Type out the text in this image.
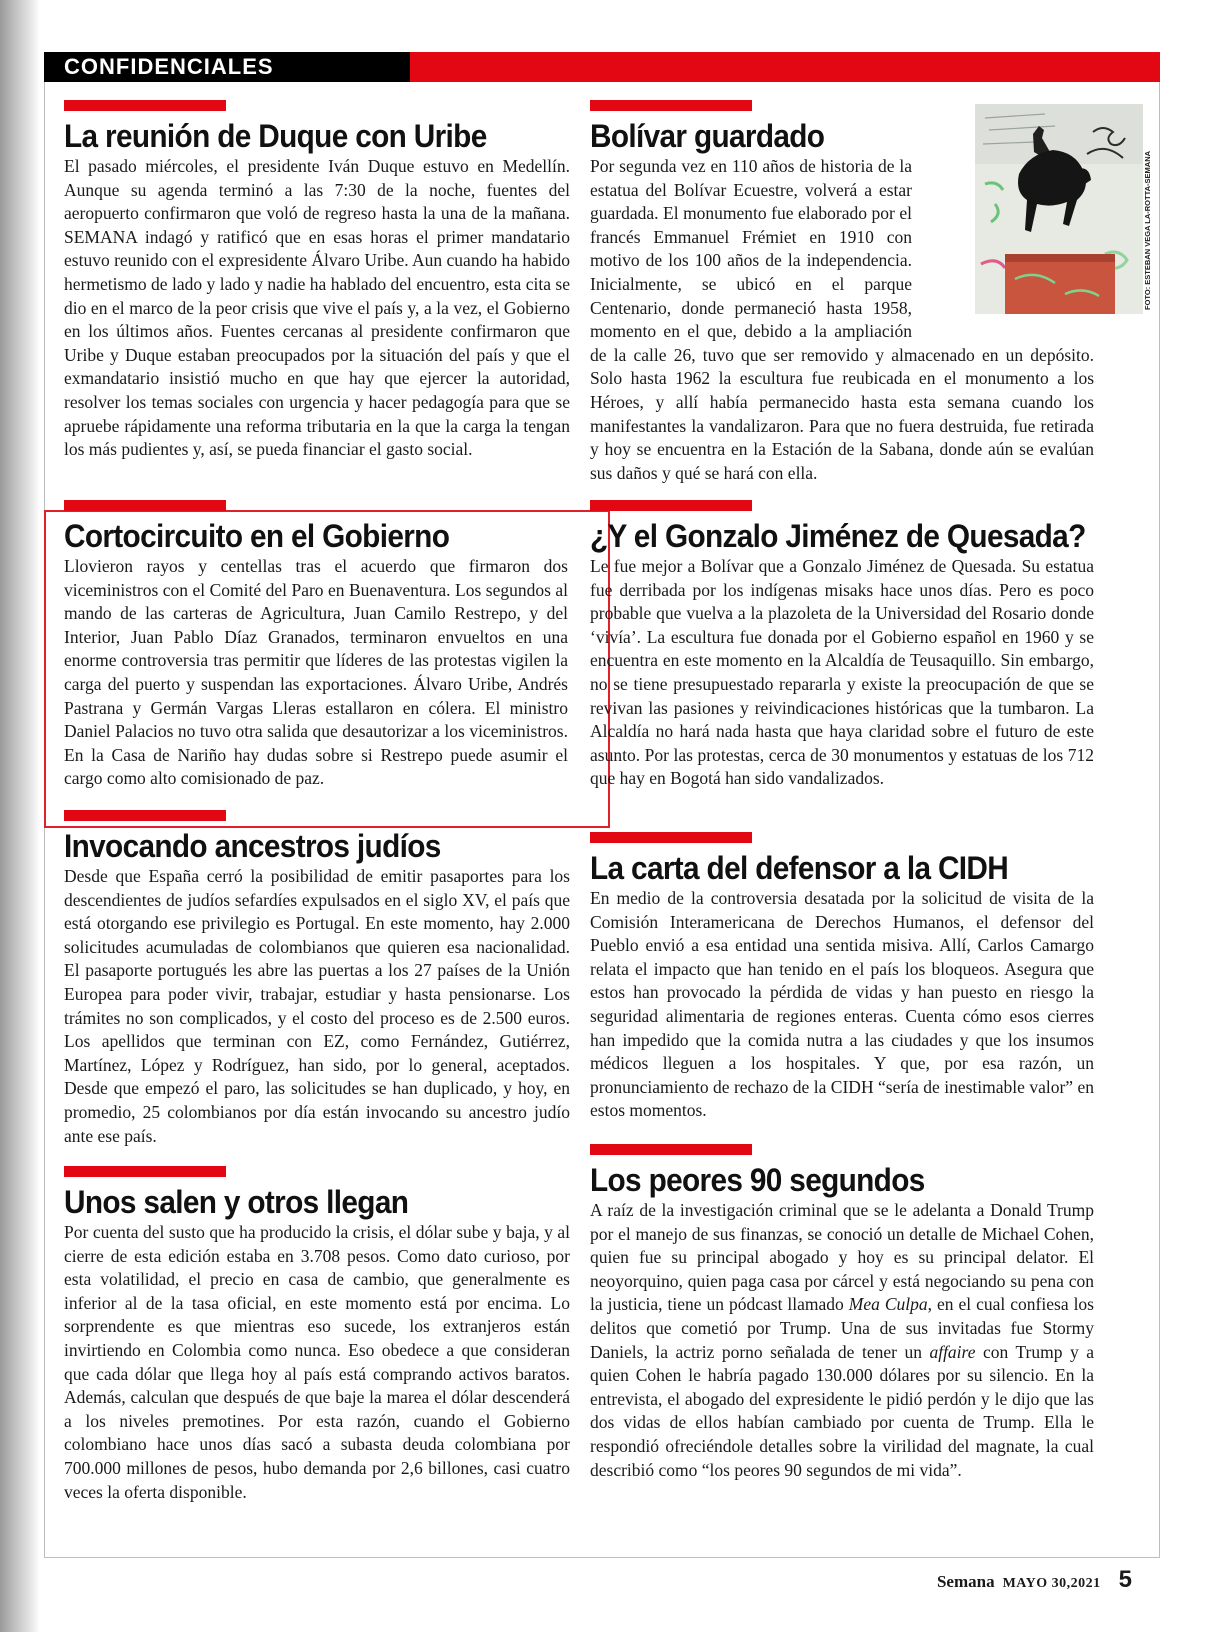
CONFIDENCIALES
La reunión de Duque con Uribe

El pasado miércoles, el presidente Iván Duque estuvo en Medellín. Aunque su agenda terminó a las 7:30 de la noche, fuentes del aeropuerto confirmaron que voló de regreso hasta la una de la mañana. SEMANA indagó y ratificó que en esas horas el primer mandatario estuvo reunido con el expresidente Álvaro Uribe. Aun cuando ha habido hermetismo de lado y lado y nadie ha hablado del encuentro, esta cita se dio en el marco de la peor crisis que vive el país y, a la vez, el Gobierno en los últimos años. Fuentes cercanas al presidente confirmaron que Uribe y Duque estaban preocupados por la situación del país y que el exmandatario insistió mucho en que hay que ejercer la autoridad, resolver los temas sociales con urgencia y hacer pedagogía para que se apruebe rápidamente una reforma tributaria en la que la carga la tengan los más pudientes y, así, se pueda financiar el gasto social.

Bolívar guardado

Por segunda vez en 110 años de historia de la estatua del Bolívar Ecuestre, volverá a estar guardada. El monumento fue elaborado por el francés Emmanuel Frémiet en 1910 con motivo de los 100 años de la independencia. Inicialmente, se ubicó en el parque Centenario, donde permaneció hasta 1958, momento en el que, debido a la ampliación de la calle 26, tuvo que ser removido y almacenado en un depósito. Solo hasta 1962 la escultura fue reubicada en el monumento a los Héroes, y allí había permanecido hasta esta semana cuando los manifestantes la vandalizaron. Para que no fuera destruida, fue retirada y hoy se encuentra en la Estación de la Sabana, donde aún se evalúan sus daños y qué se hará con ella.

FOTO: ESTEBAN VEGA LA-ROTTA-SEMANA
Cortocircuito en el Gobierno

Llovieron rayos y centellas tras el acuerdo que firmaron dos viceministros con el Comité del Paro en Buenaventura. Los segundos al mando de las carteras de Agricultura, Juan Camilo Restrepo, y del Interior, Juan Pablo Díaz Granados, terminaron envueltos en una enorme controversia tras permitir que líderes de las protestas vigilen la carga del puerto y suspendan las exportaciones. Álvaro Uribe, Andrés Pastrana y Germán Vargas Lleras estallaron en cólera. El ministro Daniel Palacios no tuvo otra salida que desautorizar a los viceministros. En la Casa de Nariño hay dudas sobre si Restrepo puede asumir el cargo como alto comisionado de paz.

¿Y el Gonzalo Jiménez de Quesada?

Le fue mejor a Bolívar que a Gonzalo Jiménez de Quesada. Su estatua fue derribada por los indígenas misaks hace unos días. Pero es poco probable que vuelva a la plazoleta de la Universidad del Rosario donde ‘vivía’. La escultura fue donada por el Gobierno español en 1960 y se encuentra en este momento en la Alcaldía de Teusaquillo. Sin embargo, no se tiene presupuestado repararla y existe la preocupación de que se revivan las pasiones y reivindicaciones históricas que la tumbaron. La Alcaldía no hará nada hasta que haya claridad sobre el futuro de este asunto. Por las protestas, cerca de 30 monumentos y estatuas de los 712 que hay en Bogotá han sido vandalizados.

Invocando ancestros judíos

Desde que España cerró la posibilidad de emitir pasaportes para los descendientes de judíos sefardíes expulsados en el siglo XV, el país que está otorgando ese privilegio es Portugal. En este momento, hay 2.000 solicitudes acumuladas de colombianos que quieren esa nacionalidad. El pasaporte portugués les abre las puertas a los 27 países de la Unión Europea para poder vivir, trabajar, estudiar y hasta pensionarse. Los trámites no son complicados, y el costo del proceso es de 2.500 euros. Los apellidos que terminan con EZ, como Fernández, Gutiérrez, Martínez, López y Rodríguez, han sido, por lo general, aceptados. Desde que empezó el paro, las solicitudes se han duplicado, y hoy, en promedio, 25 colombianos por día están invocando su ancestro judío ante ese país.

La carta del defensor a la CIDH

En medio de la controversia desatada por la solicitud de visita de la Comisión Interamericana de Derechos Humanos, el defensor del Pueblo envió a esa entidad una sentida misiva. Allí, Carlos Camargo relata el impacto que han tenido en el país los bloqueos. Asegura que estos han provocado la pérdida de vidas y han puesto en riesgo la seguridad alimentaria de regiones enteras. Cuenta cómo esos cierres han impedido que la comida nutra a las ciudades y que los insumos médicos lleguen a los hospitales. Y que, por esa razón, un pronunciamiento de rechazo de la CIDH “sería de inestimable valor” en estos momentos.

Unos salen y otros llegan

Por cuenta del susto que ha producido la crisis, el dólar sube y baja, y al cierre de esta edición estaba en 3.708 pesos. Como dato curioso, por esta volatilidad, el precio en casa de cambio, que generalmente es inferior al de la tasa oficial, en este momento está por encima. Lo sorprendente es que mientras eso sucede, los extranjeros están invirtiendo en Colombia como nunca. Eso obedece a que consideran que cada dólar que llega hoy al país está comprando activos baratos. Además, calculan que después de que baje la marea el dólar descenderá a los niveles premotines. Por esta razón, cuando el Gobierno colombiano hace unos días sacó a subasta deuda colombiana por 700.000 millones de pesos, hubo demanda por 2,6 billones, casi cuatro veces la oferta disponible.

Los peores 90 segundos

A raíz de la investigación criminal que se le adelanta a Donald Trump por el manejo de sus finanzas, se conoció un detalle de Michael Cohen, quien fue su principal abogado y hoy es su principal delator. El neoyorquino, quien paga casa por cárcel y está negociando su pena con la justicia, tiene un pódcast llamado Mea Culpa, en el cual confiesa los delitos que cometió por Trump. Una de sus invitadas fue Stormy Daniels, la actriz porno señalada de tener un affaire con Trump y a quien Cohen le habría pagado 130.000 dólares por su silencio. En la entrevista, el abogado del expresidente le pidió perdón y le dijo que las dos vidas de ellos habían cambiado por cuenta de Trump. Ella le respondió ofreciéndole detalles sobre la virilidad del magnate, la cual describió como “los peores 90 segundos de mi vida”.

Semana MAYO 30,2021 5
